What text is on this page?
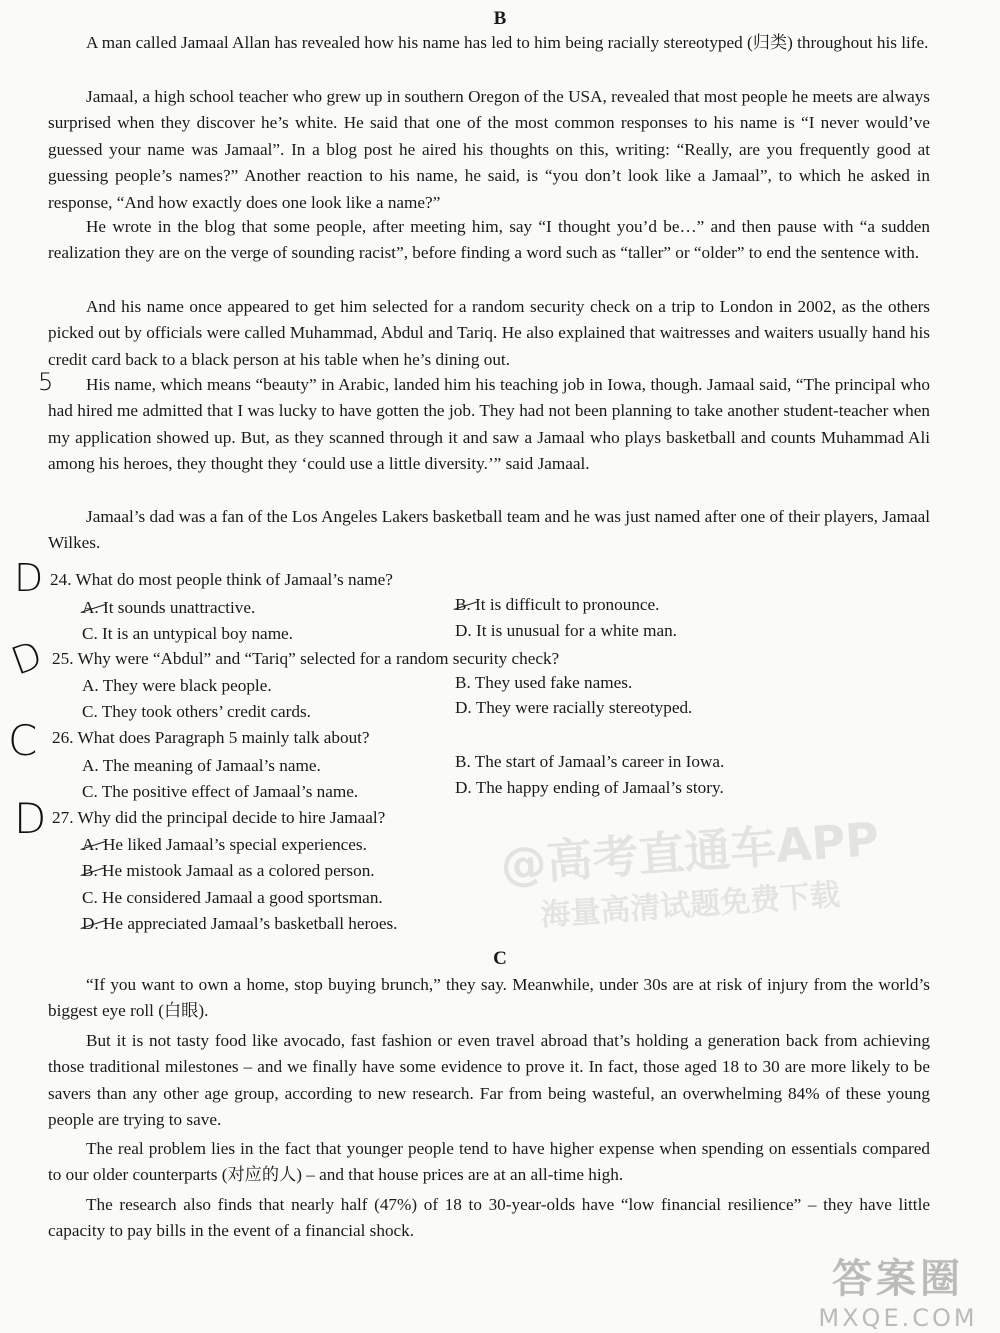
B

A man called Jamaal Allan has revealed how his name has led to him being racially stereotyped (归类) throughout his life.

Jamaal, a high school teacher who grew up in southern Oregon of the USA, revealed that most people he meets are always surprised when they discover he’s white. He said that one of the most common responses to his name is “I never would’ve guessed your name was Jamaal”. In a blog post he aired his thoughts on this, writing: “Really, are you frequently good at guessing people’s names?” Another reaction to his name, he said, is “you don’t look like a Jamaal”, to which he asked in response, “And how exactly does one look like a name?”

He wrote in the blog that some people, after meeting him, say “I thought you’d be…” and then pause with “a sudden realization they are on the verge of sounding racist”, before finding a word such as “taller” or “older” to end the sentence with.

And his name once appeared to get him selected for a random security check on a trip to London in 2002, as the others picked out by officials were called Muhammad, Abdul and Tariq. He also explained that waitresses and waiters usually hand his credit card back to a black person at his table when he’s dining out.

5	His name, which means “beauty” in Arabic, landed him his teaching job in Iowa, though. Jamaal said, “The principal who had hired me admitted that I was lucky to have gotten the job. They had not been planning to take another student-teacher when my application showed up. But, as they scanned through it and saw a Jamaal who plays basketball and counts Muhammad Ali among his heroes, they thought they ‘could use a little diversity.’” said Jamaal.

Jamaal’s dad was a fan of the Los Angeles Lakers basketball team and he was just named after one of their players, Jamaal Wilkes.

D 24. What do most people think of Jamaal’s name?
A. It sounds unattractive.	B. It is difficult to pronounce.
C. It is an untypical boy name.	D. It is unusual for a white man.
D 25. Why were “Abdul” and “Tariq” selected for a random security check?
A. They were black people.	B. They used fake names.
C. They took others’ credit cards.	D. They were racially stereotyped.
C 26. What does Paragraph 5 mainly talk about?
A. The meaning of Jamaal’s name.	B. The start of Jamaal’s career in Iowa.
C. The positive effect of Jamaal’s name.	D. The happy ending of Jamaal’s story.
D 27. Why did the principal decide to hire Jamaal?
A. He liked Jamaal’s special experiences.
B. He mistook Jamaal as a colored person.
C. He considered Jamaal a good sportsman.
D. He appreciated Jamaal’s basketball heroes.
C

“If you want to own a home, stop buying brunch,” they say. Meanwhile, under 30s are at risk of injury from the world’s biggest eye roll (白眼).

But it is not tasty food like avocado, fast fashion or even travel abroad that’s holding a generation back from achieving those traditional milestones – and we finally have some evidence to prove it. In fact, those aged 18 to 30 are more likely to be savers than any other age group, according to new research. Far from being wasteful, an overwhelming 84% of these young people are trying to save.

The real problem lies in the fact that younger people tend to have higher expense when spending on essentials compared to our older counterparts (对应的人) – and that house prices are at an all-time high.

The research also finds that nearly half (47%) of 18 to 30-year-olds have “low financial resilience” – they have little capacity to pay bills in the event of a financial shock.

@高考直通车APP
海量高清试题免费下载
答案圈
MXQE.COM
